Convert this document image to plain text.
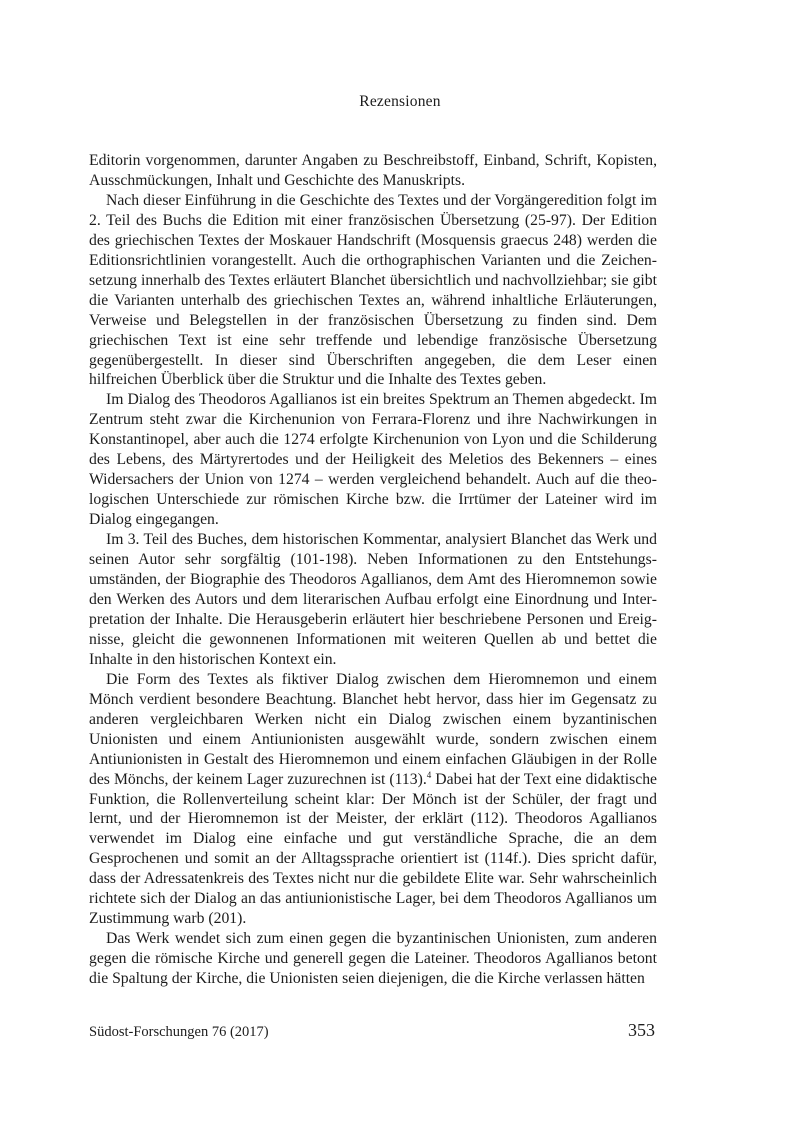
Rezensionen

Editorin vorgenommen, darunter Angaben zu Beschreibstoff, Einband, Schrift, Kopisten, Ausschmückungen, Inhalt und Geschichte des Manuskripts.

Nach dieser Einführung in die Geschichte des Textes und der Vorgängeredition folgt im 2. Teil des Buchs die Edition mit einer französischen Übersetzung (25-97). Der Edition des griechischen Textes der Moskauer Handschrift (Mosquensis graecus 248) werden die Editionsrichtlinien vorangestellt. Auch die orthographischen Varianten und die Zeichensetzung innerhalb des Textes erläutert Blanchet übersichtlich und nachvollziehbar; sie gibt die Varianten unterhalb des griechischen Textes an, während inhaltliche Erläuterungen, Verweise und Belegstellen in der französischen Übersetzung zu finden sind. Dem griechischen Text ist eine sehr treffende und lebendige französische Übersetzung gegenübergestellt. In dieser sind Überschriften angegeben, die dem Leser einen hilfreichen Überblick über die Struktur und die Inhalte des Textes geben.

Im Dialog des Theodoros Agallianos ist ein breites Spektrum an Themen abgedeckt. Im Zentrum steht zwar die Kirchenunion von Ferrara-Florenz und ihre Nachwirkungen in Konstantinopel, aber auch die 1274 erfolgte Kirchenunion von Lyon und die Schilderung des Lebens, des Märtyrertodes und der Heiligkeit des Meletios des Bekenners – eines Widersachers der Union von 1274 – werden vergleichend behandelt. Auch auf die theologischen Unterschiede zur römischen Kirche bzw. die Irrtümer der Lateiner wird im Dialog eingegangen.

Im 3. Teil des Buches, dem historischen Kommentar, analysiert Blanchet das Werk und seinen Autor sehr sorgfältig (101-198). Neben Informationen zu den Entstehungsumständen, der Biographie des Theodoros Agallianos, dem Amt des Hieromnemon sowie den Werken des Autors und dem literarischen Aufbau erfolgt eine Einordnung und Interpretation der Inhalte. Die Herausgeberin erläutert hier beschriebene Personen und Ereignisse, gleicht die gewonnenen Informationen mit weiteren Quellen ab und bettet die Inhalte in den historischen Kontext ein.

Die Form des Textes als fiktiver Dialog zwischen dem Hieromnemon und einem Mönch verdient besondere Beachtung. Blanchet hebt hervor, dass hier im Gegensatz zu anderen vergleichbaren Werken nicht ein Dialog zwischen einem byzantinischen Unionisten und einem Antiunionisten ausgewählt wurde, sondern zwischen einem Antiunionisten in Gestalt des Hieromnemon und einem einfachen Gläubigen in der Rolle des Mönchs, der keinem Lager zuzurechnen ist (113).$^4$ Dabei hat der Text eine didaktische Funktion, die Rollenverteilung scheint klar: Der Mönch ist der Schüler, der fragt und lernt, und der Hieromnemon ist der Meister, der erklärt (112). Theodoros Agallianos verwendet im Dialog eine einfache und gut verständliche Sprache, die an dem Gesprochenen und somit an der Alltagssprache orientiert ist (114f.). Dies spricht dafür, dass der Adressatenkreis des Textes nicht nur die gebildete Elite war. Sehr wahrscheinlich richtete sich der Dialog an das antiunionistische Lager, bei dem Theodoros Agallianos um Zustimmung warb (201).

Das Werk wendet sich zum einen gegen die byzantinischen Unionisten, zum anderen gegen die römische Kirche und generell gegen die Lateiner. Theodoros Agallianos betont die Spaltung der Kirche, die Unionisten seien diejenigen, die die Kirche verlassen hätten

Südost-Forschungen 76 (2017)	353
